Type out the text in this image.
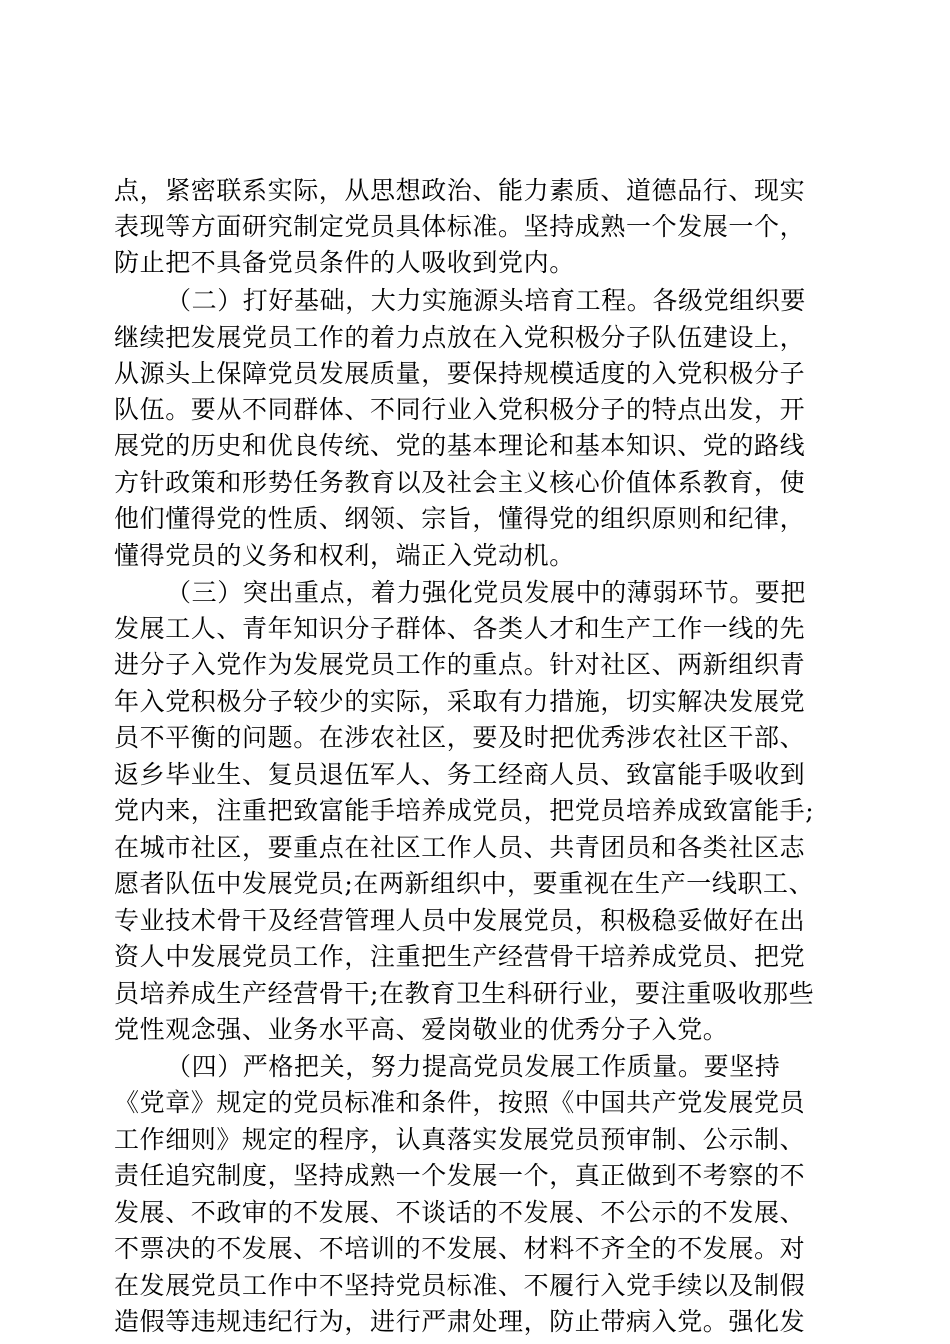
点，紧密联系实际，从思想政治、能力素质、道德品行、现实
表现等方面研究制定党员具体标准。坚持成熟一个发展一个，
防止把不具备党员条件的人吸收到党内。
（二）打好基础，大力实施源头培育工程。各级党组织要
继续把发展党员工作的着力点放在入党积极分子队伍建设上，
从源头上保障党员发展质量，要保持规模适度的入党积极分子
队伍。要从不同群体、不同行业入党积极分子的特点出发，开
展党的历史和优良传统、党的基本理论和基本知识、党的路线
方针政策和形势任务教育以及社会主义核心价值体系教育，使
他们懂得党的性质、纲领、宗旨，懂得党的组织原则和纪律，
懂得党员的义务和权利，端正入党动机。
（三）突出重点，着力强化党员发展中的薄弱环节。要把
发展工人、青年知识分子群体、各类人才和生产工作一线的先
进分子入党作为发展党员工作的重点。针对社区、两新组织青
年入党积极分子较少的实际，采取有力措施，切实解决发展党
员不平衡的问题。在涉农社区，要及时把优秀涉农社区干部、
返乡毕业生、复员退伍军人、务工经商人员、致富能手吸收到
党内来，注重把致富能手培养成党员，把党员培养成致富能手;
在城市社区，要重点在社区工作人员、共青团员和各类社区志
愿者队伍中发展党员;在两新组织中，要重视在生产一线职工、
专业技术骨干及经营管理人员中发展党员，积极稳妥做好在出
资人中发展党员工作，注重把生产经营骨干培养成党员、把党
员培养成生产经营骨干;在教育卫生科研行业，要注重吸收那些
党性观念强、业务水平高、爱岗敬业的优秀分子入党。
（四）严格把关，努力提高党员发展工作质量。要坚持
《党章》规定的党员标准和条件，按照《中国共产党发展党员
工作细则》规定的程序，认真落实发展党员预审制、公示制、
责任追究制度，坚持成熟一个发展一个，真正做到不考察的不
发展、不政审的不发展、不谈话的不发展、不公示的不发展、
不票决的不发展、不培训的不发展、材料不齐全的不发展。对
在发展党员工作中不坚持党员标准、不履行入党手续以及制假
造假等违规违纪行为，进行严肃处理，防止带病入党。强化发
